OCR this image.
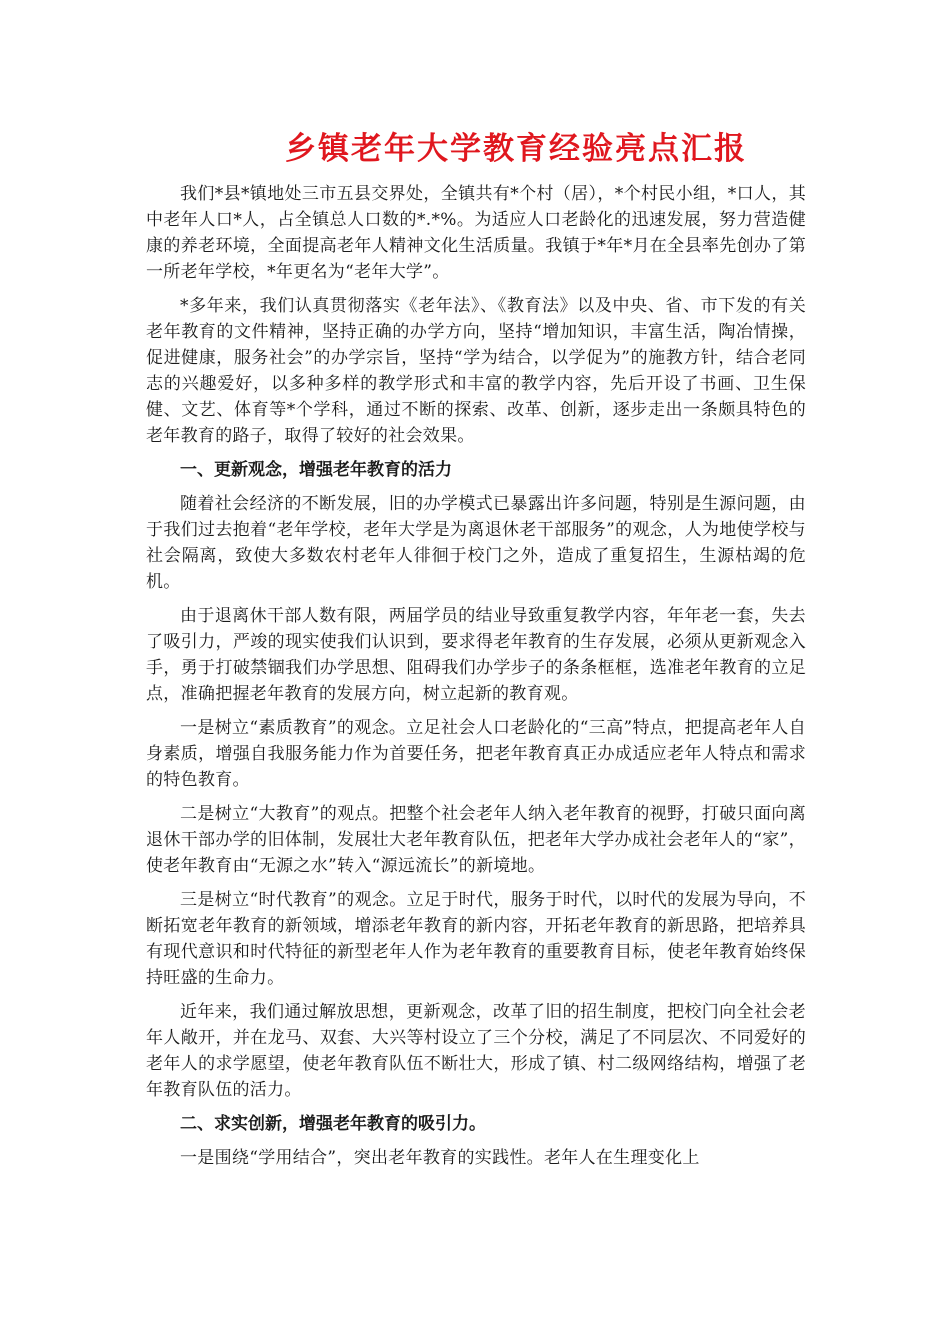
乡镇老年大学教育经验亮点汇报

我们*县*镇地处三市五县交界处，全镇共有*个村（居），*个村民小组，*口人，其中老年人口*人，占全镇总人口数的*.*%。为适应人口老龄化的迅速发展，努力营造健康的养老环境，全面提高老年人精神文化生活质量。我镇于*年*月在全县率先创办了第一所老年学校，*年更名为“老年大学”。

*多年来，我们认真贯彻落实《老年法》、《教育法》以及中央、省、市下发的有关老年教育的文件精神，坚持正确的办学方向，坚持“增加知识，丰富生活，陶冶情操，促进健康，服务社会”的办学宗旨，坚持“学为结合，以学促为”的施教方针，结合老同志的兴趣爱好，以多种多样的教学形式和丰富的教学内容，先后开设了书画、卫生保健、文艺、体育等*个学科，通过不断的探索、改革、创新，逐步走出一条颇具特色的老年教育的路子，取得了较好的社会效果。

一、更新观念，增强老年教育的活力

随着社会经济的不断发展，旧的办学模式已暴露出许多问题，特别是生源问题，由于我们过去抱着“老年学校，老年大学是为离退休老干部服务”的观念，人为地使学校与社会隔离，致使大多数农村老年人徘徊于校门之外，造成了重复招生，生源枯竭的危机。

由于退离休干部人数有限，两届学员的结业导致重复教学内容，年年老一套，失去了吸引力，严竣的现实使我们认识到，要求得老年教育的生存发展，必须从更新观念入手，勇于打破禁锢我们办学思想、阻碍我们办学步子的条条框框，选准老年教育的立足点，准确把握老年教育的发展方向，树立起新的教育观。

一是树立“素质教育”的观念。立足社会人口老龄化的“三高”特点，把提高老年人自身素质，增强自我服务能力作为首要任务，把老年教育真正办成适应老年人特点和需求的特色教育。

二是树立“大教育”的观点。把整个社会老年人纳入老年教育的视野，打破只面向离退休干部办学的旧体制，发展壮大老年教育队伍，把老年大学办成社会老年人的“家”，使老年教育由“无源之水”转入“源远流长”的新境地。

三是树立“时代教育”的观念。立足于时代，服务于时代，以时代的发展为导向，不断拓宽老年教育的新领域，增添老年教育的新内容，开拓老年教育的新思路，把培养具有现代意识和时代特征的新型老年人作为老年教育的重要教育目标，使老年教育始终保持旺盛的生命力。

近年来，我们通过解放思想，更新观念，改革了旧的招生制度，把校门向全社会老年人敞开，并在龙马、双套、大兴等村设立了三个分校，满足了不同层次、不同爱好的老年人的求学愿望，使老年教育队伍不断壮大，形成了镇、村二级网络结构，增强了老年教育队伍的活力。

二、求实创新，增强老年教育的吸引力。

一是围绕“学用结合”，突出老年教育的实践性。老年人在生理变化上
